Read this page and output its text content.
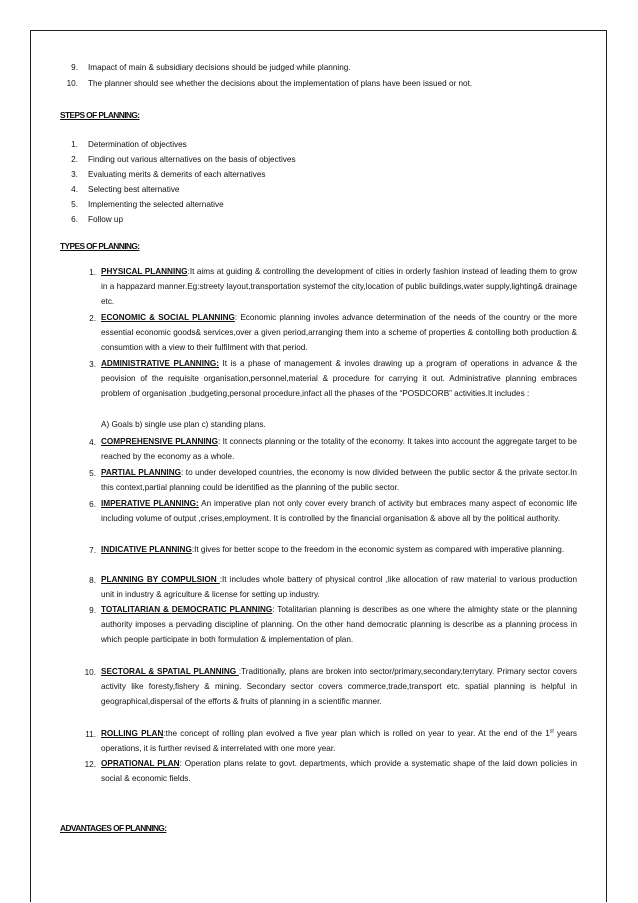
9. Imapact of main & subsidiary decisions should be judged while planning.
10. The planner should see whether the decisions about the implementation of plans have been issued or not.
STEPS OF PLANNING:
1. Determination of objectives
2. Finding out various alternatives on the basis of objectives
3. Evaluating merits & demerits of each alternatives
4. Selecting best alternative
5. Implementing the selected alternative
6. Follow up
TYPES OF PLANNING:
1. PHYSICAL PLANNING:It aims at guiding & controlling the development of cities in orderly fashion instead of leading them to grow in a happazard manner.Eg:streety layout,transportation systemof the city,location of public buildings,water supply,lighting& drainage etc.
2. ECONOMIC & SOCIAL PLANNING: Economic planning involes advance determination of the needs of the country or the more essential economic goods& services,over a given period,arranging them into a scheme of properties & contolling both production & consumtion with a view to their fulfilment with that period.
3. ADMINISTRATIVE PLANNING: It is a phase of management & involes drawing up a program of operations in advance & the peovision of the requisite organisation,personnel,material & procedure for carrying it out. Administrative planning embraces problem of organisation ,budgeting,personal procedure,infact all the phases of the “POSDCORB” activities.It includes :
A) Goals b) single use plan c) standing plans.
4. COMPREHENSIVE PLANNING: It connects planning or the totality of the economy. It takes into account the aggregate target to be reached by the economy as a whole.
5. PARTIAL PLANNING: to under developed countries, the economy is now divided between the public sector & the private sector.In this context,partial planning could be identified as the planning of the public sector.
6. IMPERATIVE PLANNING: An imperative plan not only cover every branch of activity but embraces many aspect of economic life including volume of output ,crises,employment. It is controlled by the financial organisation & above all by the political authority.
7. INDICATIVE PLANNING:It gives for better scope to the freedom in the economic system as compared with imperative planning.
8. PLANNING BY COMPULSION :It includes whole battery of physical control ,like allocation of raw material to various production unit in industry & agriculture & license for setting up industry.
9. TOTALITARIAN & DEMOCRATIC PLANNING: Totalitarian planning is describes as one where the almighty state or the planning authority imposes a pervading discipline of planning. On the other hand democratic planning is describe as a planning process in which people participate in both formulation & implementation of plan.
10. SECTORAL & SPATIAL PLANNING :Traditionally, plans are broken into sector/primary,secondary,terrytary. Primary sector covers activity like foresty,fishery & mining. Secondary sector covers commerce,trade,transport etc. spatial planning is helpful in geographical,dispersal of the efforts & fruits of planning in a scientific manner.
11. ROLLING PLAN:the concept of rolling plan evolved a five year plan which is rolled on year to year. At the end of the 1st years operations, it is further revised & interrelated with one more year.
12. OPRATIONAL PLAN: Operation plans relate to govt. departments, which provide a systematic shape of the laid down policies in social & economic fields.
ADVANTAGES OF PLANNING:
